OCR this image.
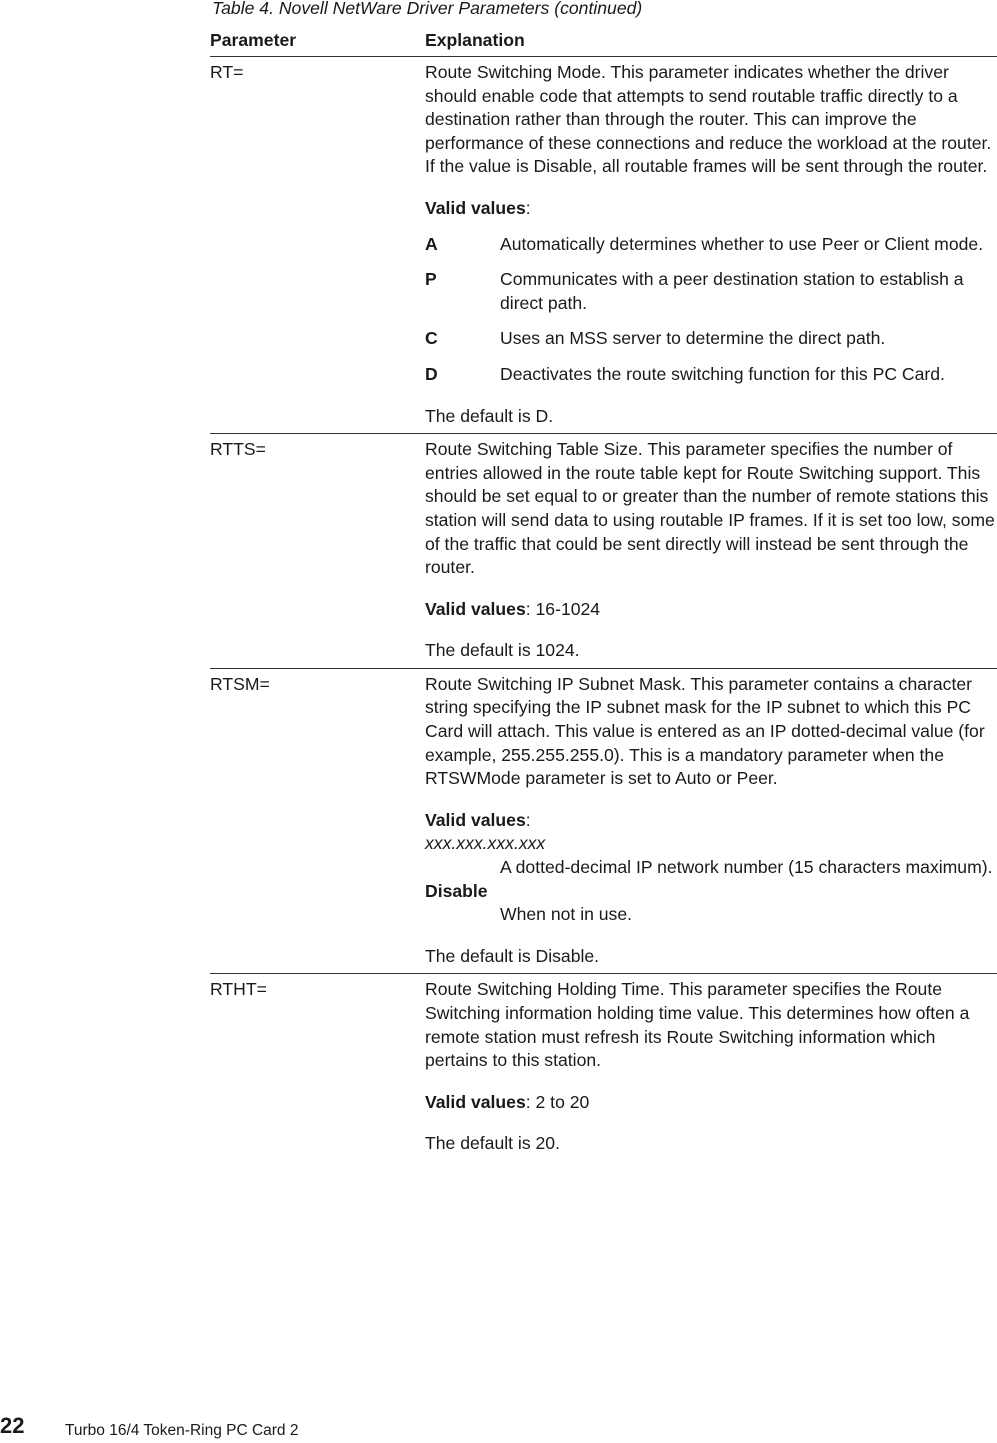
Table 4. Novell NetWare Driver Parameters (continued)
Parameter	Explanation
RT=	Route Switching Mode. This parameter indicates whether the driver should enable code that attempts to send routable traffic directly to a destination rather than through the router. This can improve the performance of these connections and reduce the workload at the router. If the value is Disable, all routable frames will be sent through the router.

Valid values:

A	Automatically determines whether to use Peer or Client mode.
P	Communicates with a peer destination station to establish a direct path.
C	Uses an MSS server to determine the direct path.
D	Deactivates the route switching function for this PC Card.

The default is D.

RTTS=	Route Switching Table Size. This parameter specifies the number of entries allowed in the route table kept for Route Switching support. This should be set equal to or greater than the number of remote stations this station will send data to using routable IP frames. If it is set too low, some of the traffic that could be sent directly will instead be sent through the router.

Valid values: 16-1024

The default is 1024.

RTSM=	Route Switching IP Subnet Mask. This parameter contains a character string specifying the IP subnet mask for the IP subnet to which this PC Card will attach. This value is entered as an IP dotted-decimal value (for example, 255.255.255.0). This is a mandatory parameter when the RTSWMode parameter is set to Auto or Peer.

Valid values:

xxx.xxx.xxx.xxx

A dotted-decimal IP network number (15 characters maximum).

Disable

When not in use.

The default is Disable.

RTHT=	Route Switching Holding Time. This parameter specifies the Route Switching information holding time value. This determines how often a remote station must refresh its Route Switching information which pertains to this station.

Valid values: 2 to 20

The default is 20.

22	Turbo 16/4 Token-Ring PC Card 2
